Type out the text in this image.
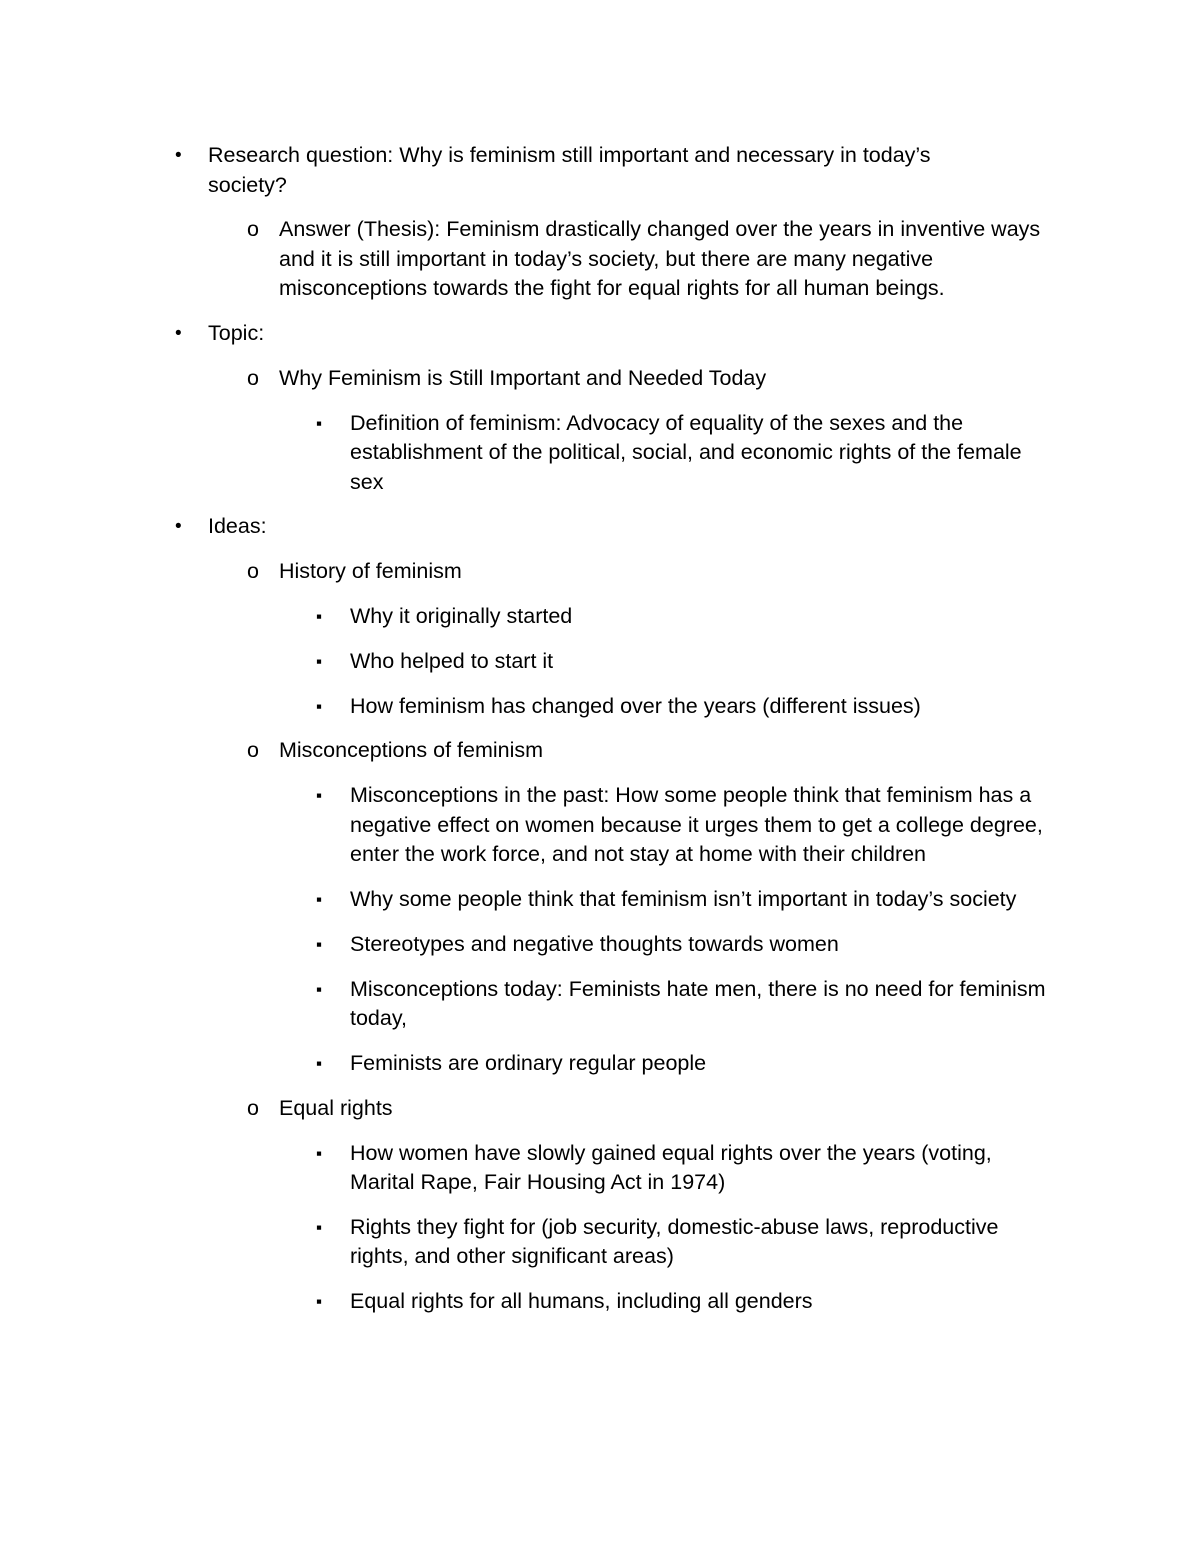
• Research question: Why is feminism still important and necessary in today’s society?
o Answer (Thesis): Feminism drastically changed over the years in inventive ways and it is still important in today’s society, but there are many negative misconceptions towards the fight for equal rights for all human beings.
• Topic:
o Why Feminism is Still Important and Needed Today
▪ Definition of feminism: Advocacy of equality of the sexes and the establishment of the political, social, and economic rights of the female sex
• Ideas:
o History of feminism
▪ Why it originally started
▪ Who helped to start it
▪ How feminism has changed over the years (different issues)
o Misconceptions of feminism
▪ Misconceptions in the past: How some people think that feminism has a negative effect on women because it urges them to get a college degree, enter the work force, and not stay at home with their children
▪ Why some people think that feminism isn’t important in today’s society
▪ Stereotypes and negative thoughts towards women
▪ Misconceptions today: Feminists hate men, there is no need for feminism today,
▪ Feminists are ordinary regular people
o Equal rights
▪ How women have slowly gained equal rights over the years (voting, Marital Rape, Fair Housing Act in 1974)
▪ Rights they fight for (job security, domestic-abuse laws, reproductive rights, and other significant areas)
▪ Equal rights for all humans, including all genders
